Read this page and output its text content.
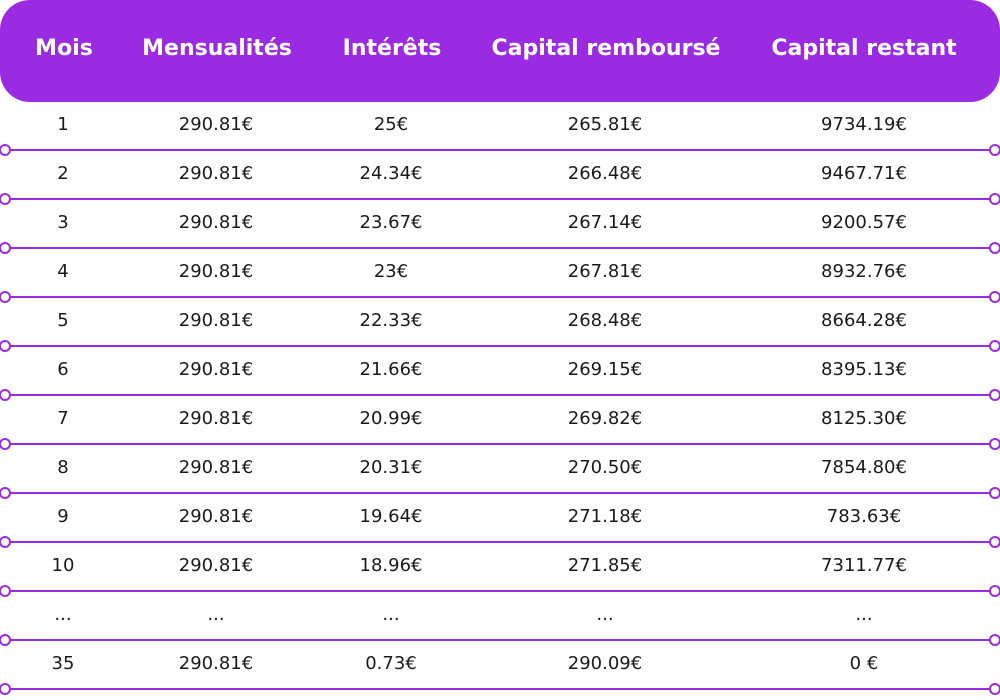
Mois	Mensualités	Intérêts	Capital remboursé	Capital restant
1	290.81€	25€	265.81€	9734.19€
2	290.81€	24.34€	266.48€	9467.71€
3	290.81€	23.67€	267.14€	9200.57€
4	290.81€	23€	267.81€	8932.76€
5	290.81€	22.33€	268.48€	8664.28€
6	290.81€	21.66€	269.15€	8395.13€
7	290.81€	20.99€	269.82€	8125.30€
8	290.81€	20.31€	270.50€	7854.80€
9	290.81€	19.64€	271.18€	783.63€
10	290.81€	18.96€	271.85€	7311.77€
...	...	...	...	...
35	290.81€	0.73€	290.09€	0 €
